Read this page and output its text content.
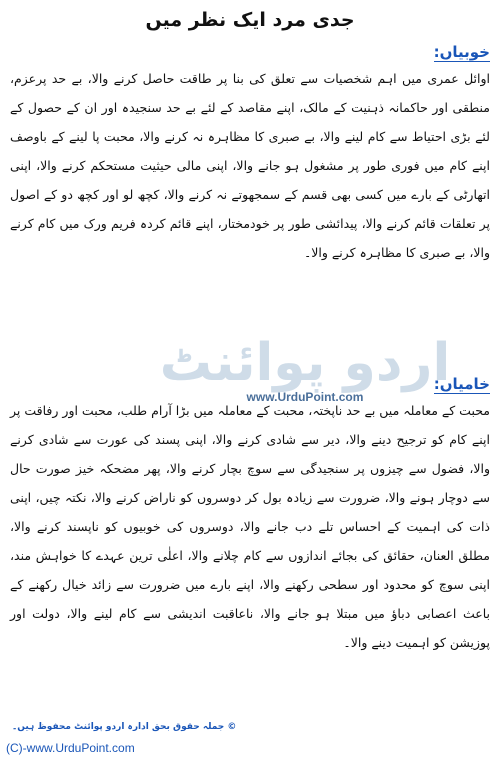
جدی مرد ایک نظر میں
خوبیاں:
اوائل عمری میں اہم شخصیات سے تعلق کی بنا پر طاقت حاصل کرنے والا، بے حد پرعزم، منطقی اور حاکمانہ ذہنیت کے مالک، اپنے مقاصد کے لئے بے حد سنجیدہ اور ان کے حصول کے لئے بڑی احتیاط سے کام لینے والا، بے صبری کا مظاہرہ نہ کرنے والا، محبت پا لینے کے باوصف اپنے کام میں فوری طور پر مشغول ہو جانے والا، اپنی مالی حیثیت مستحکم کرنے والا، اپنی اتھارٹی کے بارے میں کسی بھی قسم کے سمجھوتے نہ کرنے والا، کچھ لو اور کچھ دو کے اصول پر تعلقات قائم کرنے والا، پیدائشی طور پر خودمختار، اپنے قائم کردہ فریم ورک میں کام کرنے والا، بے صبری کا مظاہرہ کرنے والا۔
اردو پوائنٹ
www.UrduPoint.com
خامیاں:
محبت کے معاملہ میں بے حد ناپختہ، محبت کے معاملہ میں بڑا آرام طلب، محبت اور رفاقت پر اپنے کام کو ترجیح دینے والا، دیر سے شادی کرنے والا، اپنی پسند کی عورت سے شادی کرنے والا، فضول سے چیزوں پر سنجیدگی سے سوچ بچار کرنے والا، پھر مضحکہ خیز صورت حال سے دوچار ہونے والا، ضرورت سے زیادہ بول کر دوسروں کو ناراض کرنے والا، نکتہ چیں، اپنی ذات کی اہمیت کے احساس تلے دب جانے والا، دوسروں کی خوبیوں کو ناپسند کرنے والا، مطلق العنان، حقائق کی بجائے اندازوں سے کام چلانے والا، اعلٰی ترین عہدے کا خواہش مند، اپنی سوچ کو محدود اور سطحی رکھنے والا، اپنے بارے میں ضرورت سے زائد خیال رکھنے کے باعث اعصابی دباؤ میں مبتلا ہو جانے والا، ناعاقبت اندیشی سے کام لینے والا، دولت اور پوزیشن کو اہمیت دینے والا۔
© جملہ حقوق بحق ادارہ اردو پوائنٹ محفوظ ہیں۔
(C)-www.UrduPoint.com
